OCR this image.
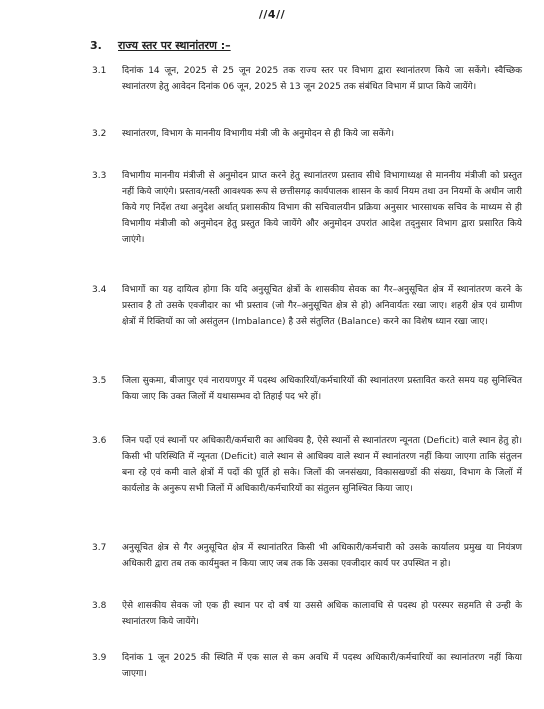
//4//
3. राज्य स्तर पर स्थानांतरण :–
3.1 दिनांक 14 जून, 2025 से 25 जून 2025 तक राज्य स्तर पर विभाग द्वारा स्थानांतरण किये जा सकेंगे। स्वैच्छिक स्थानांतरण हेतु आवेदन दिनांक 06 जून, 2025 से 13 जून 2025 तक संबंधित विभाग में प्राप्त किये जायेंगे।
3.2 स्थानांतरण, विभाग के माननीय विभागीय मंत्री जी के अनुमोदन से ही किये जा सकेंगे।
3.3 विभागीय माननीय मंत्रीजी से अनुमोदन प्राप्त करने हेतु स्थानांतरण प्रस्ताव सीधे विभागाध्यक्ष से माननीय मंत्रीजी को प्रस्तुत नहीं किये जाएंगे। प्रस्ताव/नस्ती आवश्यक रूप से छत्तीसगढ़ कार्यपालक शासन के कार्य नियम तथा उन नियमों के अधीन जारी किये गए निर्देश तथा अनुदेश अर्थात् प्रशासकीय विभाग की सचिवालयीन प्रक्रिया अनुसार भारसाधक सचिव के माध्यम से ही विभागीय मंत्रीजी को अनुमोदन हेतु प्रस्तुत किये जायेंगे और अनुमोदन उपरांत आदेश तद्नुसार विभाग द्वारा प्रसारित किये जाएंगे।
3.4 विभागों का यह दायित्व होगा कि यदि अनुसूचित क्षेत्रों के शासकीय सेवक का गैर–अनुसूचित क्षेत्र में स्थानांतरण करने के प्रस्ताव है तो उसके एवजीदार का भी प्रस्ताव (जो गैर–अनुसूचित क्षेत्र से हो) अनिवार्यतः रखा जाए। शहरी क्षेत्र एवं ग्रामीण क्षेत्रों में रिक्तियों का जो असंतुलन (Imbalance) है उसे संतुलित (Balance) करने का विशेष ध्यान रखा जाए।
3.5 जिला सुकमा, बीजापुर एवं नारायणपुर में पदस्थ अधिकारियों/कर्मचारियों की स्थानांतरण प्रस्तावित करते समय यह सुनिश्चित किया जाए कि उक्त जिलों में यथासम्भव दो तिहाई पद भरे हों।
3.6 जिन पदों एवं स्थानों पर अधिकारी/कर्मचारी का आधिक्य है, ऐसे स्थानों से स्थानांतरण न्यूनता (Deficit) वाले स्थान हेतु हो। किसी भी परिस्थिति में न्यूनता (Deficit) वाले स्थान से आधिक्य वाले स्थान में स्थानांतरण नहीं किया जाएगा ताकि संतुलन बना रहे एवं कमी वाले क्षेत्रों में पदों की पूर्ति हो सके। जिलों की जनसंख्या, विकासखण्डों की संख्या, विभाग के जिलों में कार्यलोड के अनुरूप सभी जिलों में अधिकारी/कर्मचारियों का संतुलन सुनिश्चित किया जाए।
3.7 अनुसूचित क्षेत्र से गैर अनुसूचित क्षेत्र में स्थानांतरित किसी भी अधिकारी/कर्मचारी को उसके कार्यालय प्रमुख या नियंत्रण अधिकारी द्वारा तब तक कार्यमुक्त न किया जाए जब तक कि उसका एवजीदार कार्य पर उपस्थित न हो।
3.8 ऐसे शासकीय सेवक जो एक ही स्थान पर दो वर्ष या उससे अधिक कालावधि से पदस्थ हो परस्पर सहमति से उन्ही के स्थानांतरण किये जायेंगे।
3.9 दिनांक 1 जून 2025 की स्थिति में एक साल से कम अवधि में पदस्थ अधिकारी/कर्मचारियों का स्थानांतरण नहीं किया जाएगा।
